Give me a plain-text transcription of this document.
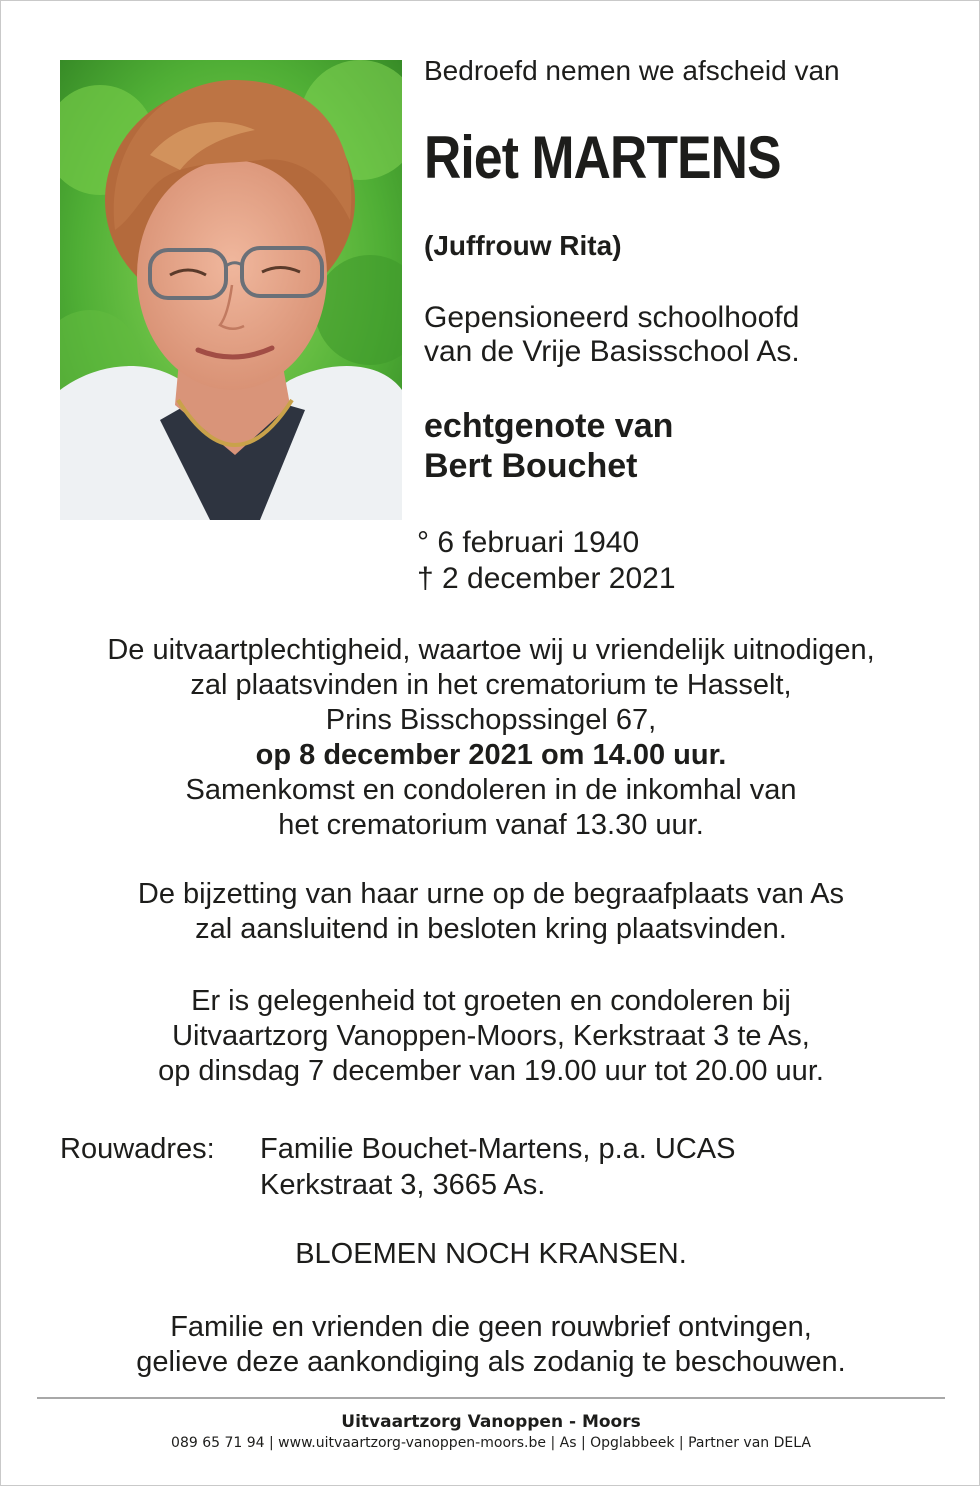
Bedroefd nemen we afscheid van
Riet MARTENS
(Juffrouw Rita)
Gepensioneerd schoolhoofd
van de Vrije Basisschool As.
echtgenote van
Bert Bouchet
° 6 februari 1940
† 2 december 2021
De uitvaartplechtigheid, waartoe wij u vriendelijk uitnodigen,
zal plaatsvinden in het crematorium te Hasselt,
Prins Bisschopssingel 67,
op 8 december 2021 om 14.00 uur.
Samenkomst en condoleren in de inkomhal van
het crematorium vanaf 13.30 uur.
De bijzetting van haar urne op de begraafplaats van As
zal aansluitend in besloten kring plaatsvinden.
Er is gelegenheid tot groeten en condoleren bij
Uitvaartzorg Vanoppen-Moors, Kerkstraat 3 te As,
op dinsdag 7 december van 19.00 uur tot 20.00 uur.
Rouwadres: Familie Bouchet-Martens, p.a. UCAS
Kerkstraat 3, 3665 As.
BLOEMEN NOCH KRANSEN.
Familie en vrienden die geen rouwbrief ontvingen,
gelieve deze aankondiging als zodanig te beschouwen.
Uitvaartzorg Vanoppen - Moors
089 65 71 94 | www.uitvaartzorg-vanoppen-moors.be | As | Opglabbeek | Partner van DELA
